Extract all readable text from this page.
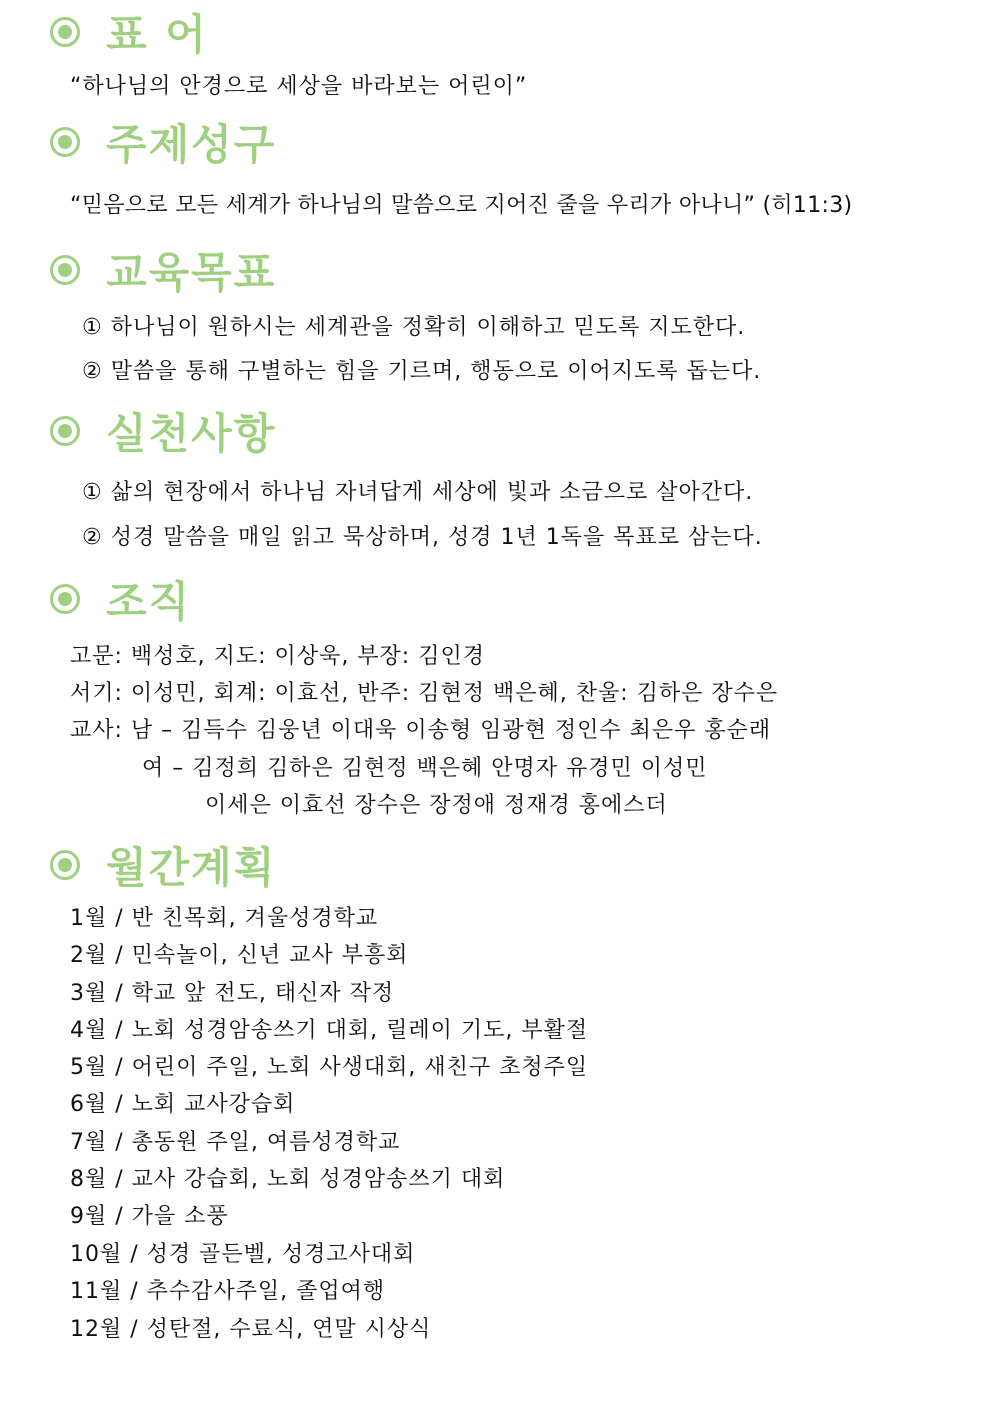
표 어
“하나님의 안경으로 세상을 바라보는 어린이”
주제성구
“믿음으로 모든 세계가 하나님의 말씀으로 지어진 줄을 우리가 아나니” (히11:3)
교육목표
① 하나님이 원하시는 세계관을 정확히 이해하고 믿도록 지도한다.
② 말씀을 통해 구별하는 힘을 기르며, 행동으로 이어지도록 돕는다.
실천사항
① 삶의 현장에서 하나님 자녀답게 세상에 빛과 소금으로 살아간다.
② 성경 말씀을 매일 읽고 묵상하며, 성경 1년 1독을 목표로 삼는다.
조직
고문: 백성호, 지도: 이상욱, 부장: 김인경
서기: 이성민, 회계: 이효선, 반주: 김현정 백은혜, 찬울: 김하은 장수은
교사: 남 – 김득수 김웅년 이대욱 이송형 임광현 정인수 최은우 홍순래
여 – 김정희 김하은 김현정 백은혜 안명자 유경민 이성민
이세은 이효선 장수은 장정애 정재경 홍에스더
월간계획
1월 / 반 친목회, 겨울성경학교
2월 / 민속놀이, 신년 교사 부흥회
3월 / 학교 앞 전도, 태신자 작정
4월 / 노회 성경암송쓰기 대회, 릴레이 기도, 부활절
5월 / 어린이 주일, 노회 사생대회, 새친구 초청주일
6월 / 노회 교사강습회
7월 / 총동원 주일, 여름성경학교
8월 / 교사 강습회, 노회 성경암송쓰기 대회
9월 / 가을 소풍
10월 / 성경 골든벨, 성경고사대회
11월 / 추수감사주일, 졸업여행
12월 / 성탄절, 수료식, 연말 시상식
